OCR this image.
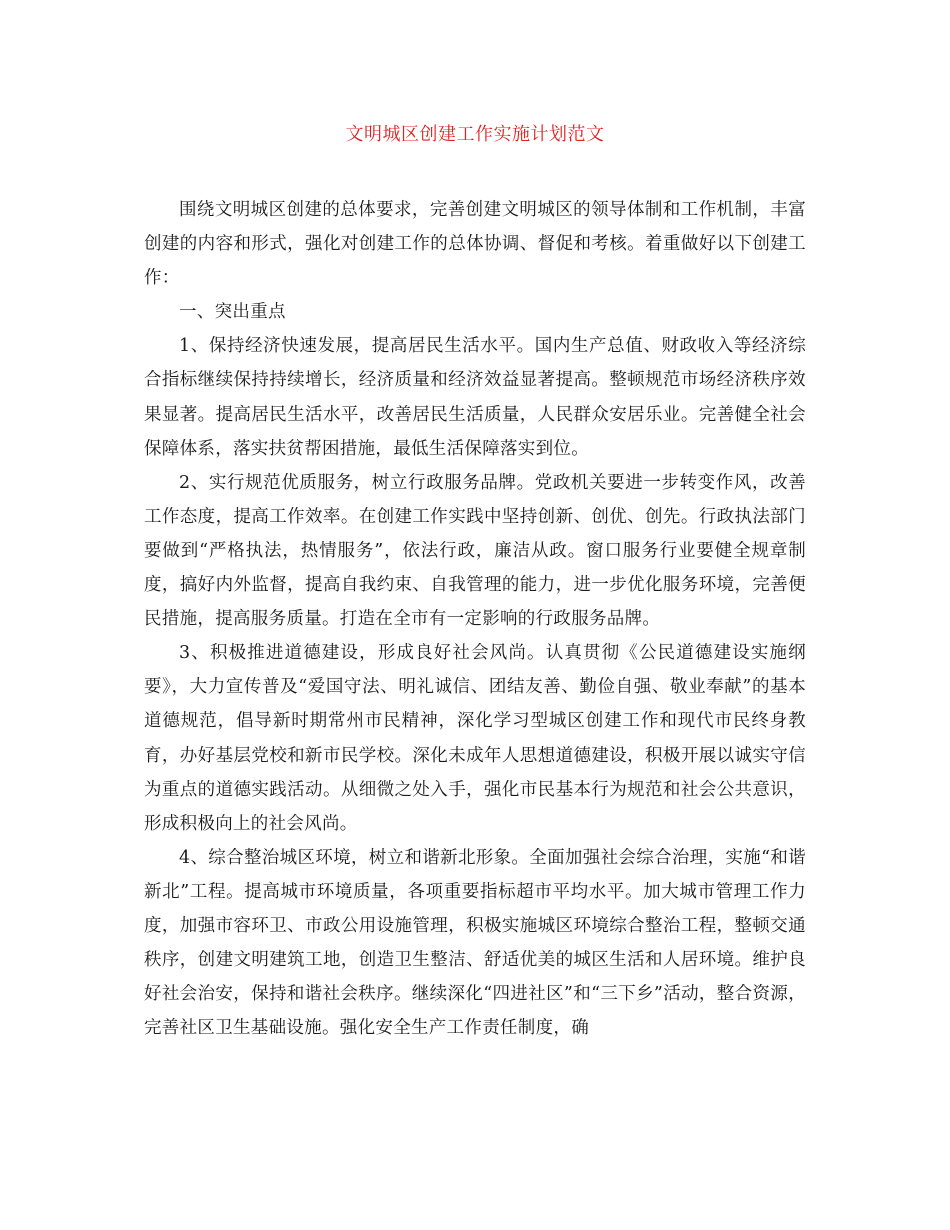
文明城区创建工作实施计划范文

围绕文明城区创建的总体要求，完善创建文明城区的领导体制和工作机制，丰富创建的内容和形式，强化对创建工作的总体协调、督促和考核。着重做好以下创建工作：

一、突出重点

1、保持经济快速发展，提高居民生活水平。国内生产总值、财政收入等经济综合指标继续保持持续增长，经济质量和经济效益显著提高。整顿规范市场经济秩序效果显著。提高居民生活水平，改善居民生活质量，人民群众安居乐业。完善健全社会保障体系，落实扶贫帮困措施，最低生活保障落实到位。

2、实行规范优质服务，树立行政服务品牌。党政机关要进一步转变作风，改善工作态度，提高工作效率。在创建工作实践中坚持创新、创优、创先。行政执法部门要做到“严格执法，热情服务”，依法行政，廉洁从政。窗口服务行业要健全规章制度，搞好内外监督，提高自我约束、自我管理的能力，进一步优化服务环境，完善便民措施，提高服务质量。打造在全市有一定影响的行政服务品牌。

3、积极推进道德建设，形成良好社会风尚。认真贯彻《公民道德建设实施纲要》，大力宣传普及“爱国守法、明礼诚信、团结友善、勤俭自强、敬业奉献”的基本道德规范，倡导新时期常州市民精神，深化学习型城区创建工作和现代市民终身教育，办好基层党校和新市民学校。深化未成年人思想道德建设，积极开展以诚实守信为重点的道德实践活动。从细微之处入手，强化市民基本行为规范和社会公共意识，形成积极向上的社会风尚。

4、综合整治城区环境，树立和谐新北形象。全面加强社会综合治理，实施“和谐新北”工程。提高城市环境质量，各项重要指标超市平均水平。加大城市管理工作力度，加强市容环卫、市政公用设施管理，积极实施城区环境综合整治工程，整顿交通秩序，创建文明建筑工地，创造卫生整洁、舒适优美的城区生活和人居环境。维护良好社会治安，保持和谐社会秩序。继续深化“四进社区”和“三下乡”活动，整合资源，完善社区卫生基础设施。强化安全生产工作责任制度，确
